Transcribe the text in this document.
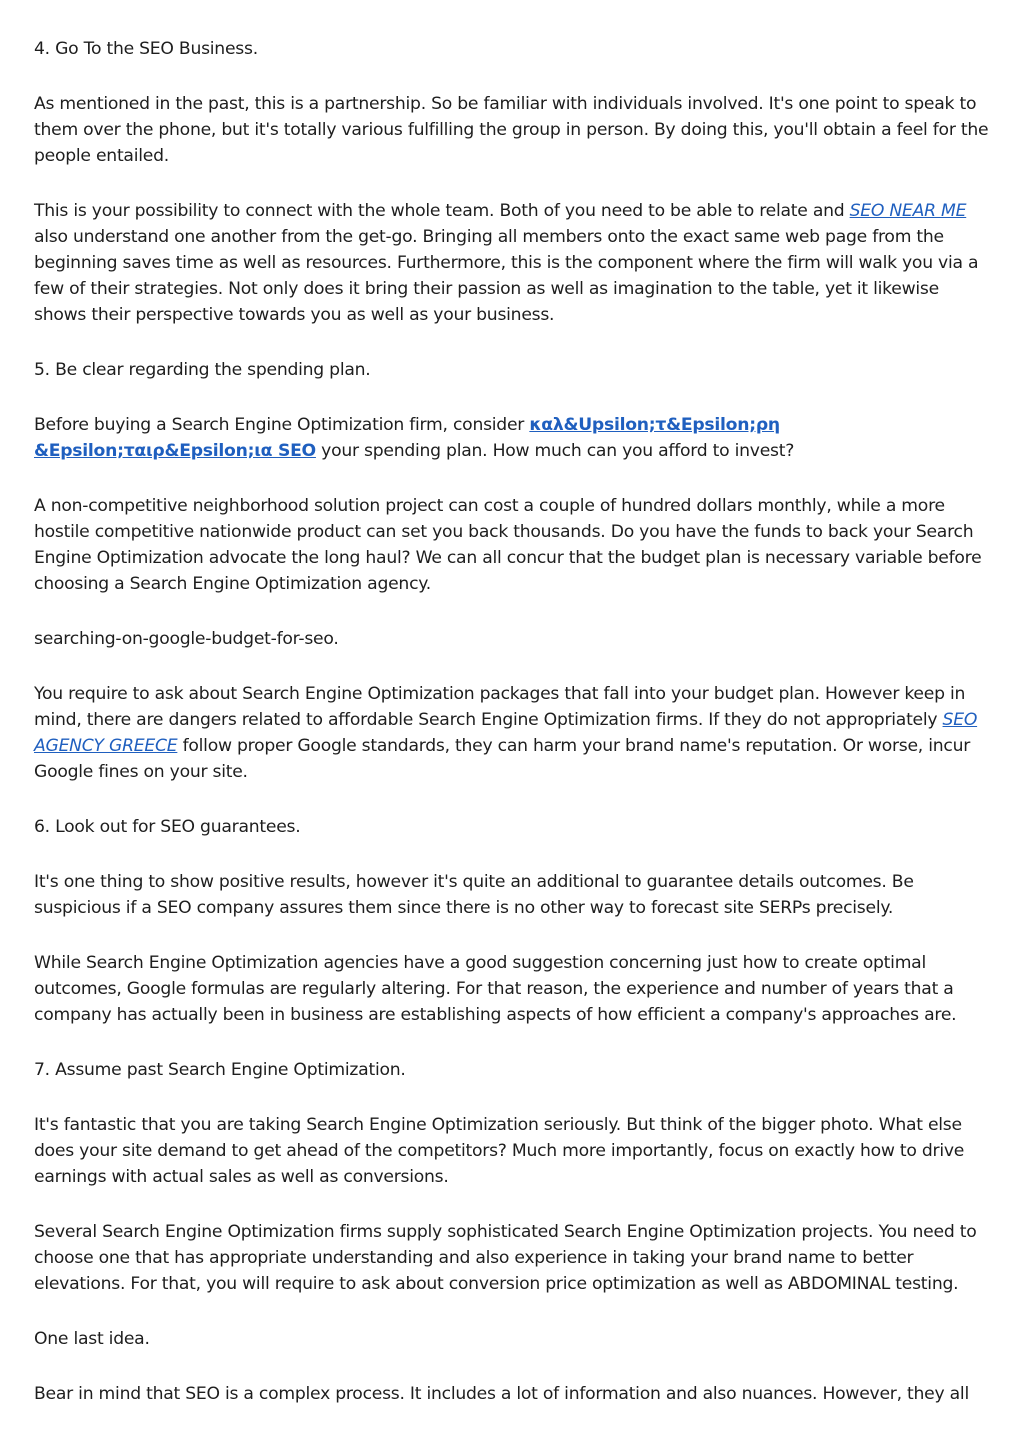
4. Go To the SEO Business.

As mentioned in the past, this is a partnership. So be familiar with individuals involved. It's one point to speak to them over the phone, but it's totally various fulfilling the group in person. By doing this, you'll obtain a feel for the people entailed.

This is your possibility to connect with the whole team. Both of you need to be able to relate and SEO NEAR ME also understand one another from the get-go. Bringing all members onto the exact same web page from the beginning saves time as well as resources. Furthermore, this is the component where the firm will walk you via a few of their strategies. Not only does it bring their passion as well as imagination to the table, yet it likewise shows their perspective towards you as well as your business.

5. Be clear regarding the spending plan.

Before buying a Search Engine Optimization firm, consider καλ&Upsilon;τ&Epsilon;ρη &Epsilon;ταιρ&Epsilon;ια SEO your spending plan. How much can you afford to invest?

A non-competitive neighborhood solution project can cost a couple of hundred dollars monthly, while a more hostile competitive nationwide product can set you back thousands. Do you have the funds to back your Search Engine Optimization advocate the long haul? We can all concur that the budget plan is necessary variable before choosing a Search Engine Optimization agency.

searching-on-google-budget-for-seo.

You require to ask about Search Engine Optimization packages that fall into your budget plan. However keep in mind, there are dangers related to affordable Search Engine Optimization firms. If they do not appropriately SEO AGENCY GREECE follow proper Google standards, they can harm your brand name's reputation. Or worse, incur Google fines on your site.

6. Look out for SEO guarantees.

It's one thing to show positive results, however it's quite an additional to guarantee details outcomes. Be suspicious if a SEO company assures them since there is no other way to forecast site SERPs precisely.

While Search Engine Optimization agencies have a good suggestion concerning just how to create optimal outcomes, Google formulas are regularly altering. For that reason, the experience and number of years that a company has actually been in business are establishing aspects of how efficient a company's approaches are.

7. Assume past Search Engine Optimization.

It's fantastic that you are taking Search Engine Optimization seriously. But think of the bigger photo. What else does your site demand to get ahead of the competitors? Much more importantly, focus on exactly how to drive earnings with actual sales as well as conversions.

Several Search Engine Optimization firms supply sophisticated Search Engine Optimization projects. You need to choose one that has appropriate understanding and also experience in taking your brand name to better elevations. For that, you will require to ask about conversion price optimization as well as ABDOMINAL testing.

One last idea.

Bear in mind that SEO is a complex process. It includes a lot of information and also nuances. However, they all
